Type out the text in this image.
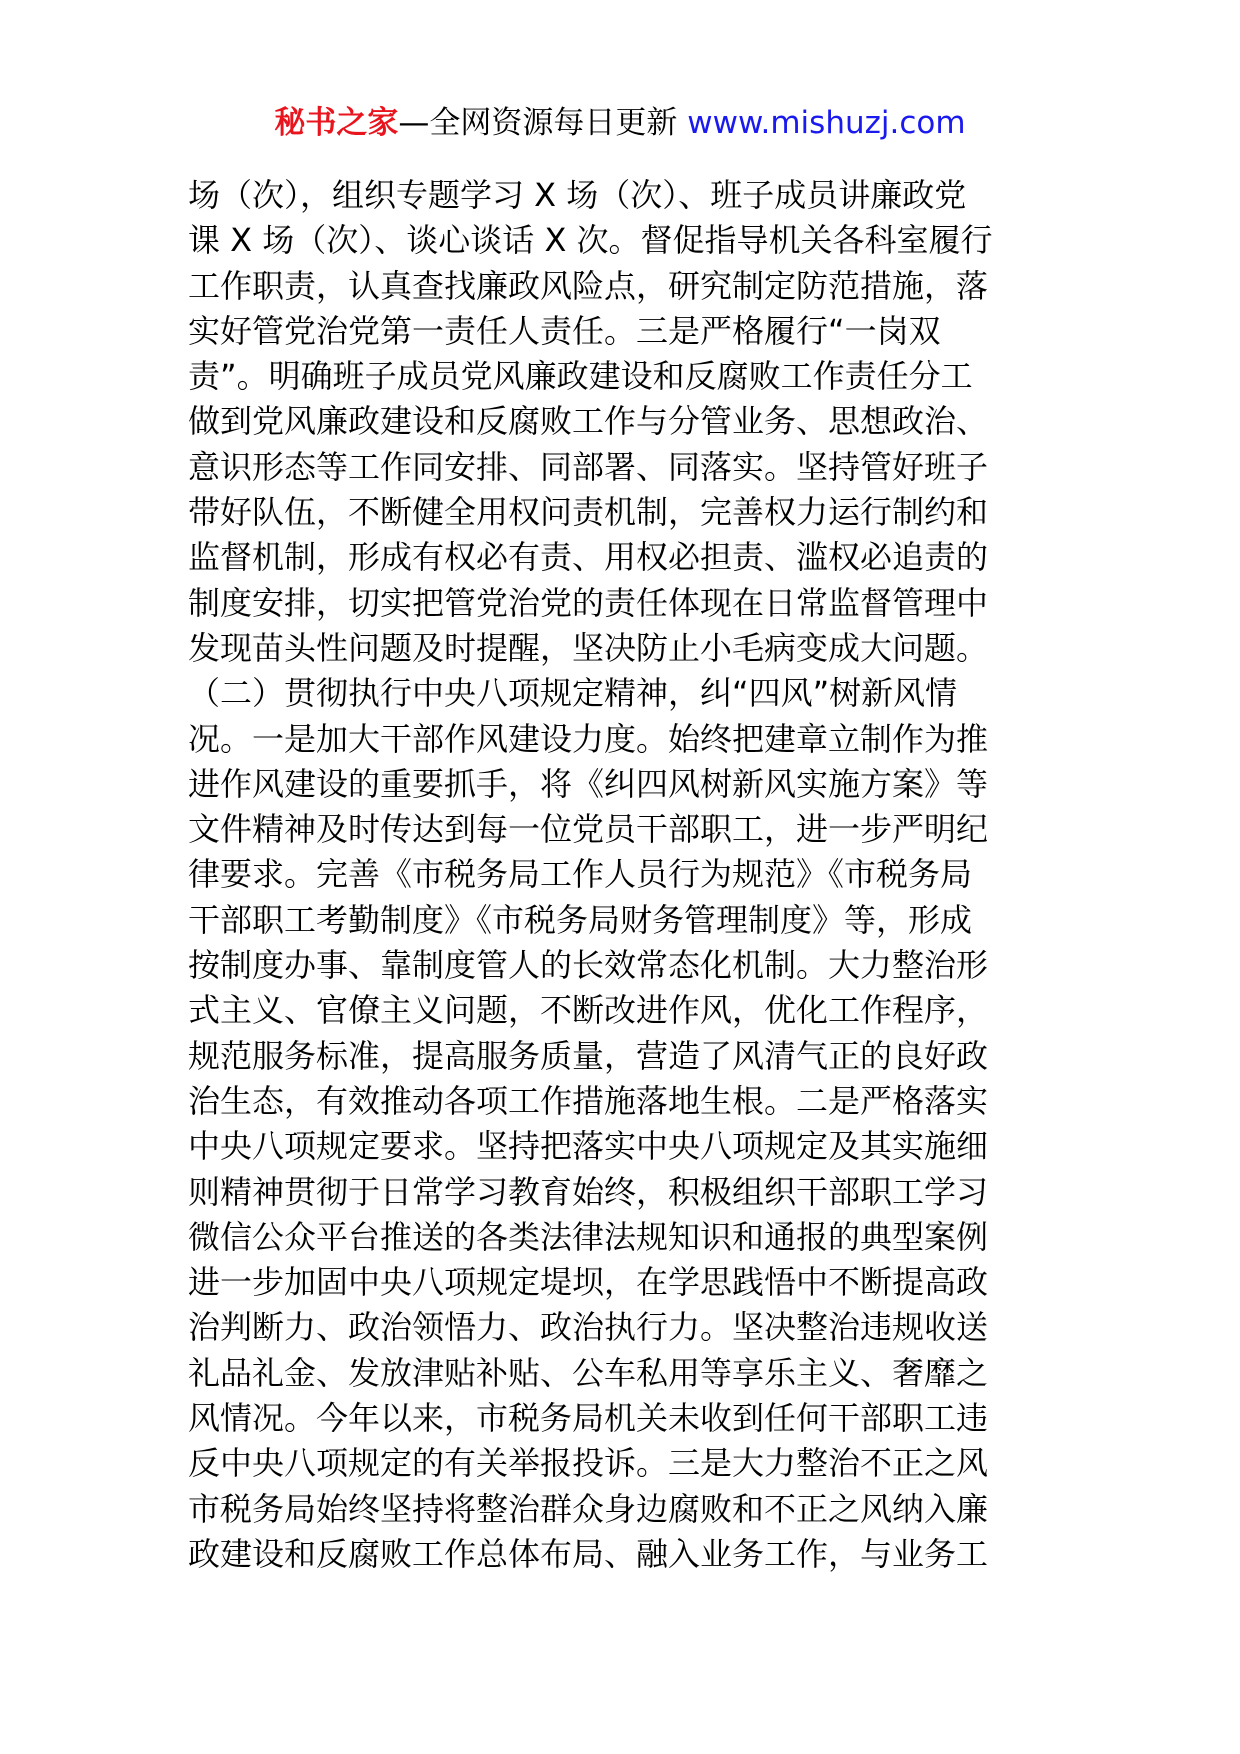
秘书之家—全网资源每日更新 www.mishuzj.com
场（次），组织专题学习 X 场（次）、班子成员讲廉政党
课 X 场（次）、谈心谈话 X 次。督促指导机关各科室履行
工作职责，认真查找廉政风险点，研究制定防范措施，落
实好管党治党第一责任人责任。三是严格履行“一岗双
责”。明确班子成员党风廉政建设和反腐败工作责任分工
做到党风廉政建设和反腐败工作与分管业务、思想政治、
意识形态等工作同安排、同部署、同落实。坚持管好班子
带好队伍，不断健全用权问责机制，完善权力运行制约和
监督机制，形成有权必有责、用权必担责、滥权必追责的
制度安排，切实把管党治党的责任体现在日常监督管理中
发现苗头性问题及时提醒，坚决防止小毛病变成大问题。
（二）贯彻执行中央八项规定精神，纠“四风”树新风情
况。一是加大干部作风建设力度。始终把建章立制作为推
进作风建设的重要抓手，将《纠四风树新风实施方案》等
文件精神及时传达到每一位党员干部职工，进一步严明纪
律要求。完善《市税务局工作人员行为规范》《市税务局
干部职工考勤制度》《市税务局财务管理制度》等，形成
按制度办事、靠制度管人的长效常态化机制。大力整治形
式主义、官僚主义问题，不断改进作风，优化工作程序，
规范服务标准，提高服务质量，营造了风清气正的良好政
治生态，有效推动各项工作措施落地生根。二是严格落实
中央八项规定要求。坚持把落实中央八项规定及其实施细
则精神贯彻于日常学习教育始终，积极组织干部职工学习
微信公众平台推送的各类法律法规知识和通报的典型案例
进一步加固中央八项规定堤坝，在学思践悟中不断提高政
治判断力、政治领悟力、政治执行力。坚决整治违规收送
礼品礼金、发放津贴补贴、公车私用等享乐主义、奢靡之
风情况。今年以来，市税务局机关未收到任何干部职工违
反中央八项规定的有关举报投诉。三是大力整治不正之风
市税务局始终坚持将整治群众身边腐败和不正之风纳入廉
政建设和反腐败工作总体布局、融入业务工作，与业务工
